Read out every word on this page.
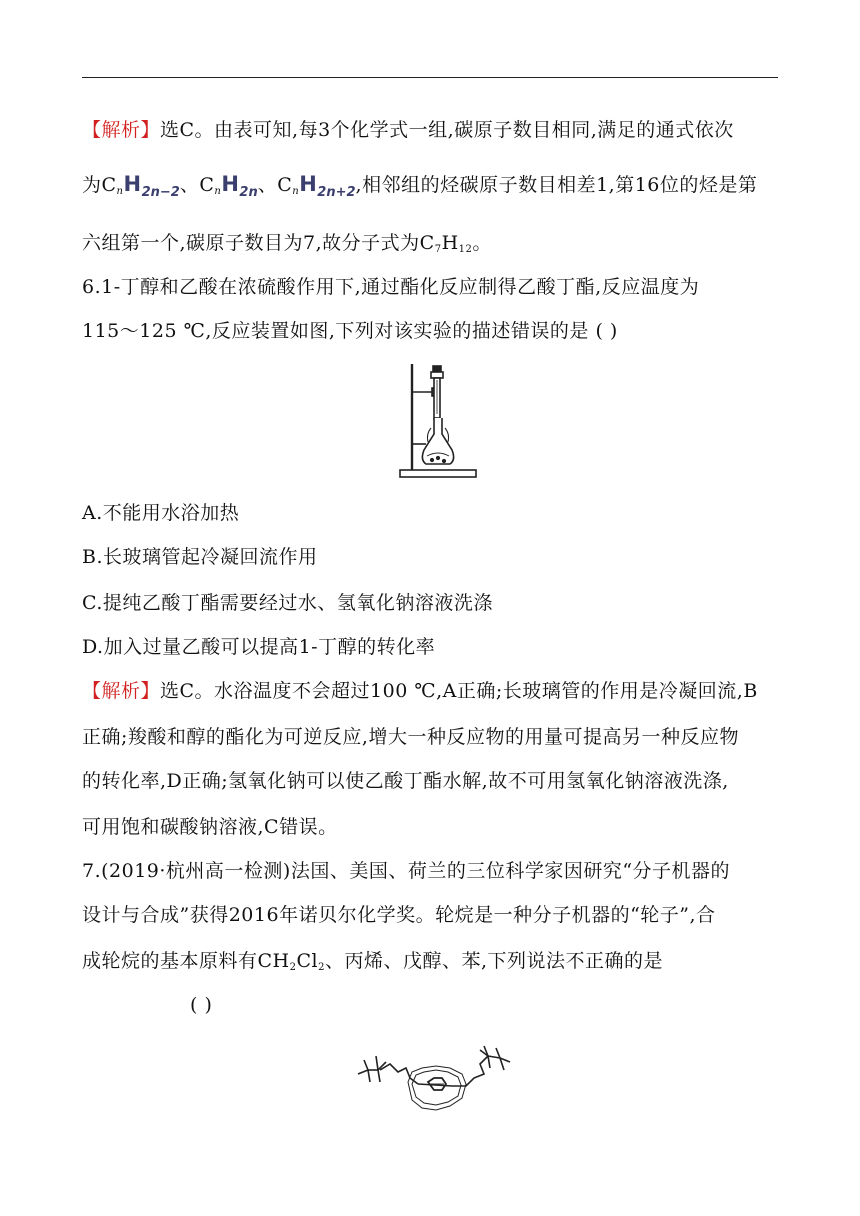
【解析】选C。由表可知,每3个化学式一组,碳原子数目相同,满足的通式依次
为CnH$_{2n-2}$、CnH$_{2n}$、CnH$_{2n+2}$,相邻组的烃碳原子数目相差1,第16位的烃是第
六组第一个,碳原子数目为7,故分子式为$C_7H_{12}$。
6.1-丁醇和乙酸在浓硫酸作用下,通过酯化反应制得乙酸丁酯,反应温度为
115～125 ℃,反应装置如图,下列对该实验的描述错误的是 ( )
A.不能用水浴加热
B.长玻璃管起冷凝回流作用
C.提纯乙酸丁酯需要经过水、氢氧化钠溶液洗涤
D.加入过量乙酸可以提高1-丁醇的转化率
【解析】选C。水浴温度不会超过100 ℃,A正确;长玻璃管的作用是冷凝回流,B
正确;羧酸和醇的酯化为可逆反应,增大一种反应物的用量可提高另一种反应物
的转化率,D正确;氢氧化钠可以使乙酸丁酯水解,故不可用氢氧化钠溶液洗涤,
可用饱和碳酸钠溶液,C错误。
7.(2019·杭州高一检测)法国、美国、荷兰的三位科学家因研究“分子机器的
设计与合成”获得2016年诺贝尔化学奖。轮烷是一种分子机器的“轮子”,合
成轮烷的基本原料有$CH_2Cl_2$、丙烯、戊醇、苯,下列说法不正确的是
( )
